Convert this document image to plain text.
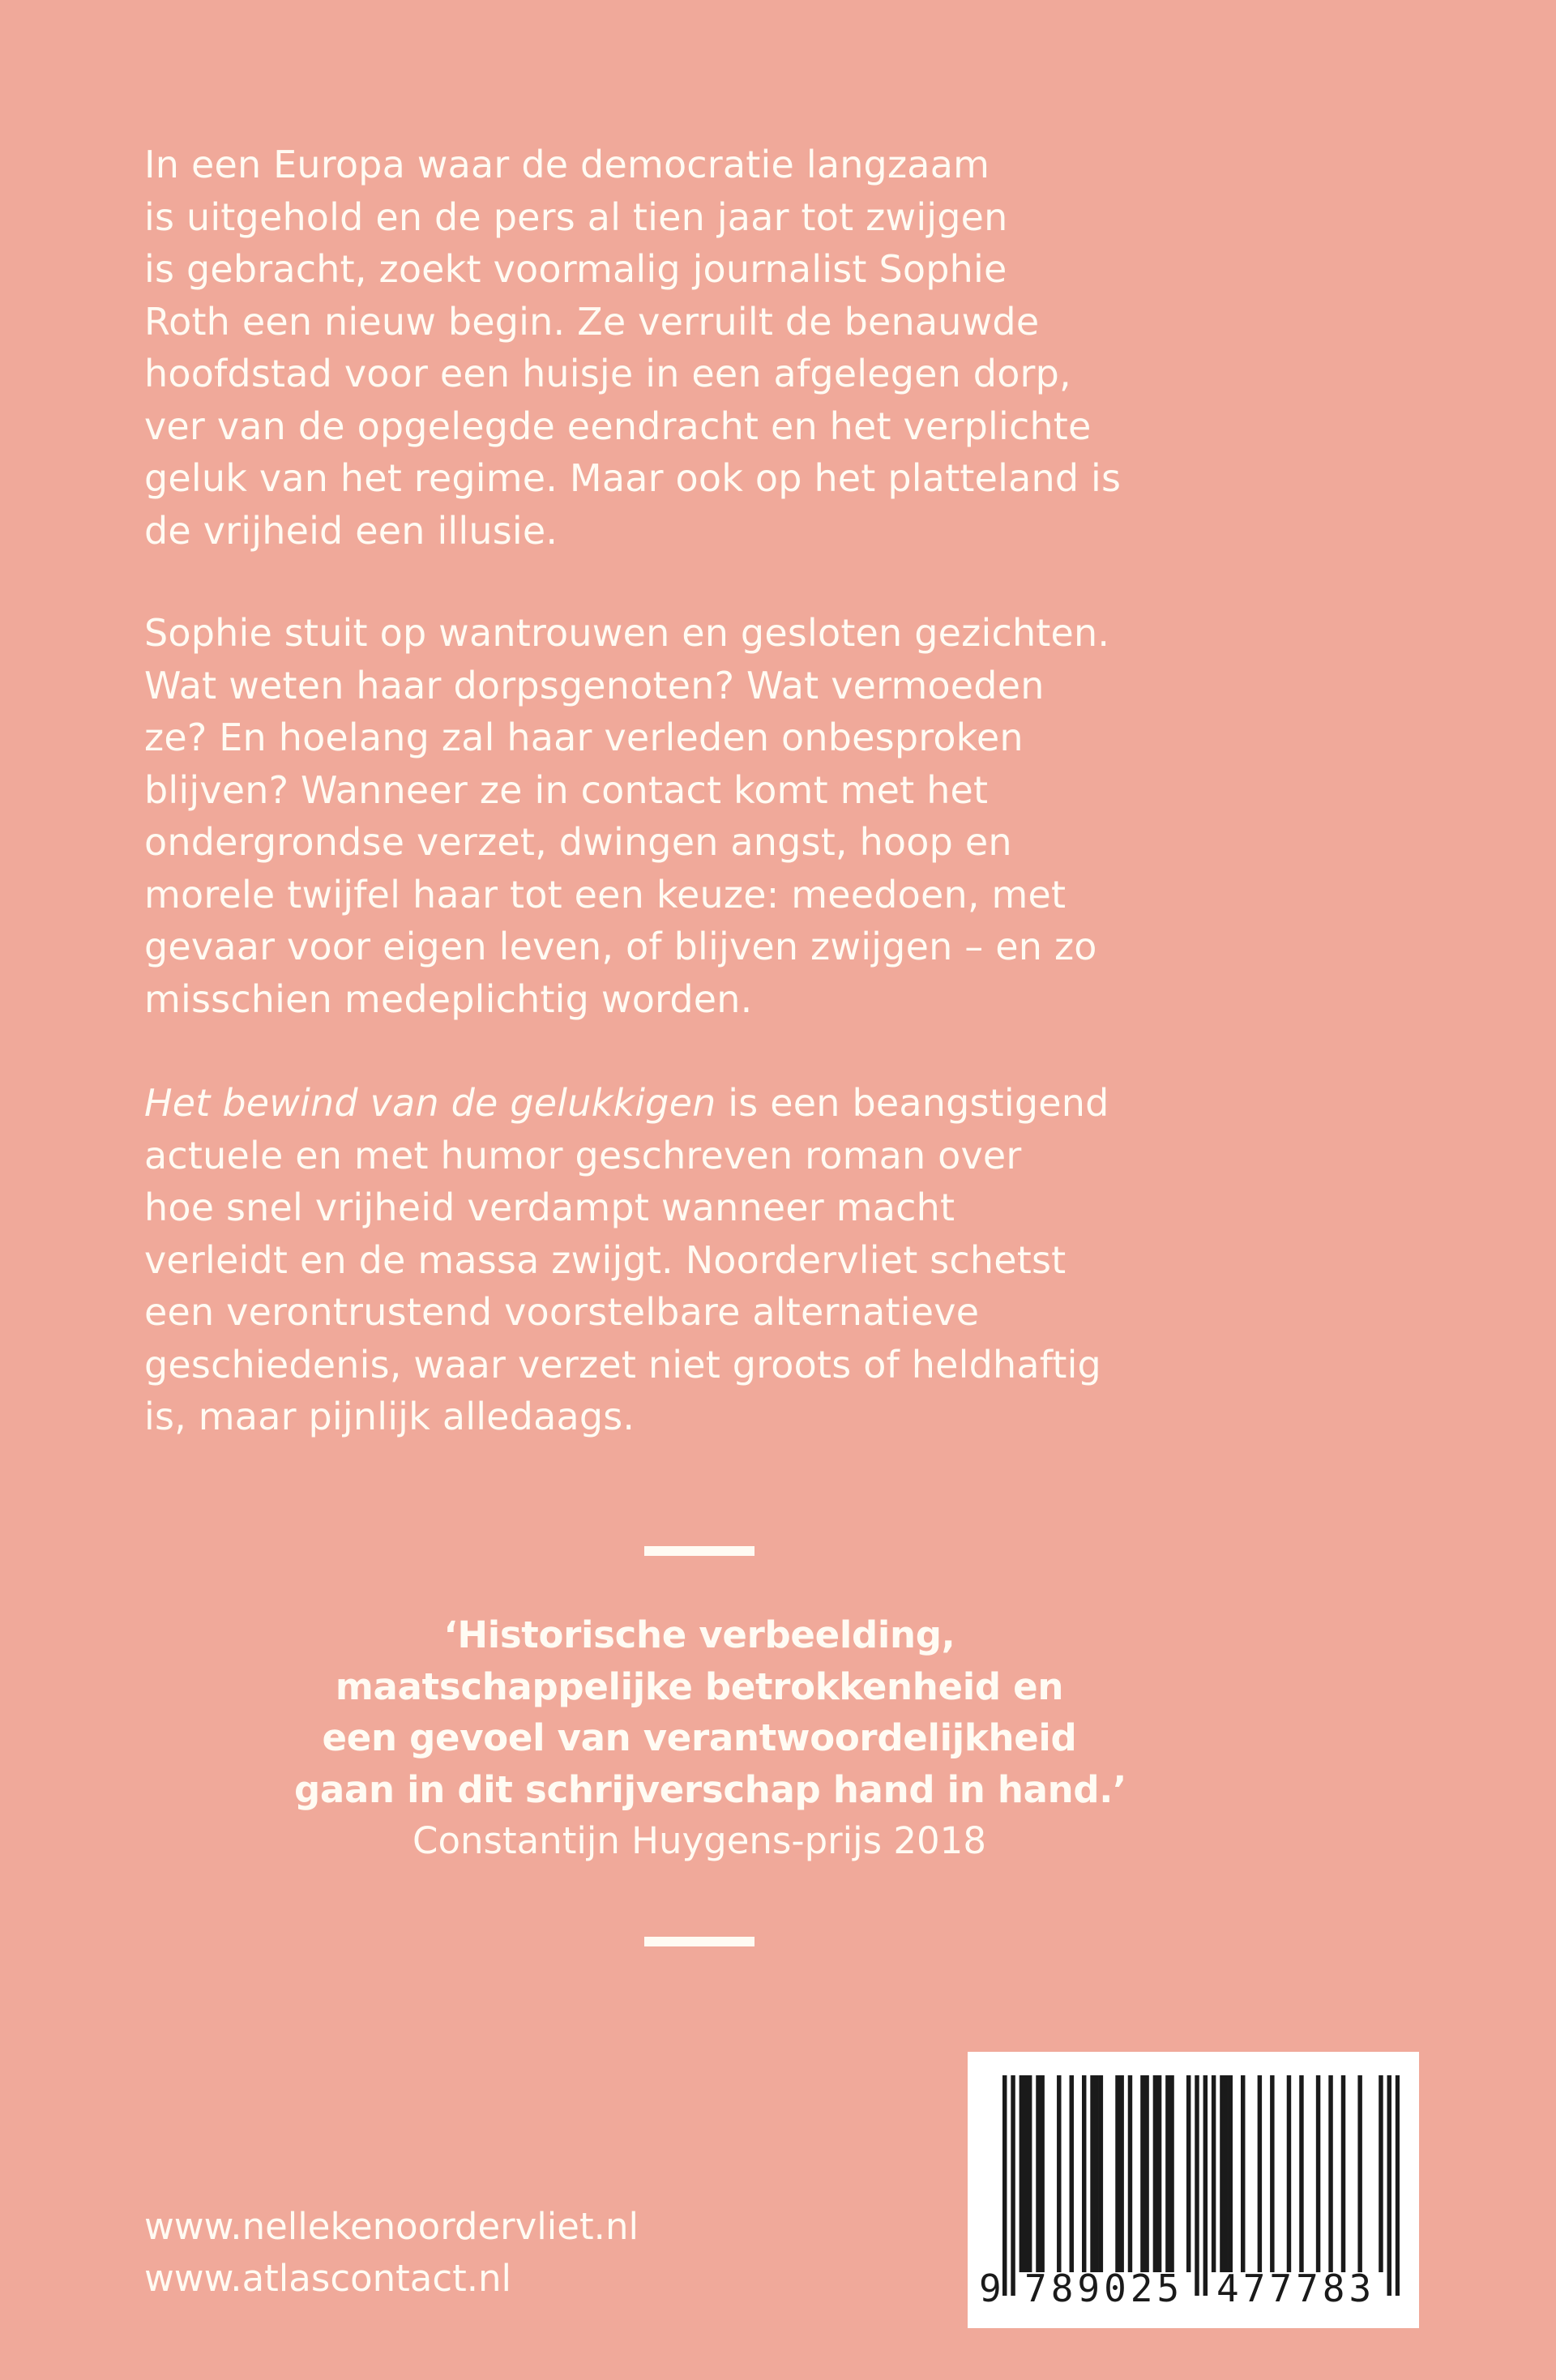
In een Europa waar de democratie langzaam
is uitgehold en de pers al tien jaar tot zwijgen
is gebracht, zoekt voormalig journalist Sophie
Roth een nieuw begin. Ze verruilt de benauwde
hoofdstad voor een huisje in een afgelegen dorp,
ver van de opgelegde eendracht en het verplichte
geluk van het regime. Maar ook op het platteland is
de vrijheid een illusie.
Sophie stuit op wantrouwen en gesloten gezichten.
Wat weten haar dorpsgenoten? Wat vermoeden
ze? En hoelang zal haar verleden onbesproken
blijven? Wanneer ze in contact komt met het
ondergrondse verzet, dwingen angst, hoop en
morele twijfel haar tot een keuze: meedoen, met
gevaar voor eigen leven, of blijven zwijgen – en zo
misschien medeplichtig worden.
Het bewind van de gelukkigen is een beangstigend
actuele en met humor geschreven roman over
hoe snel vrijheid verdampt wanneer macht
verleidt en de massa zwijgt. Noordervliet schetst
een verontrustend voorstelbare alternatieve
geschiedenis, waar verzet niet groots of heldhaftig
is, maar pijnlijk alledaags.
‘Historische verbeelding,
maatschappelijke betrokkenheid en
een gevoel van verantwoordelijkheid
gaan in dit schrijverschap hand in hand.’
Constantijn Huygens-prijs 2018
www.nellekenoordervliet.nl
www.atlascontact.nl	9 789025 477783
